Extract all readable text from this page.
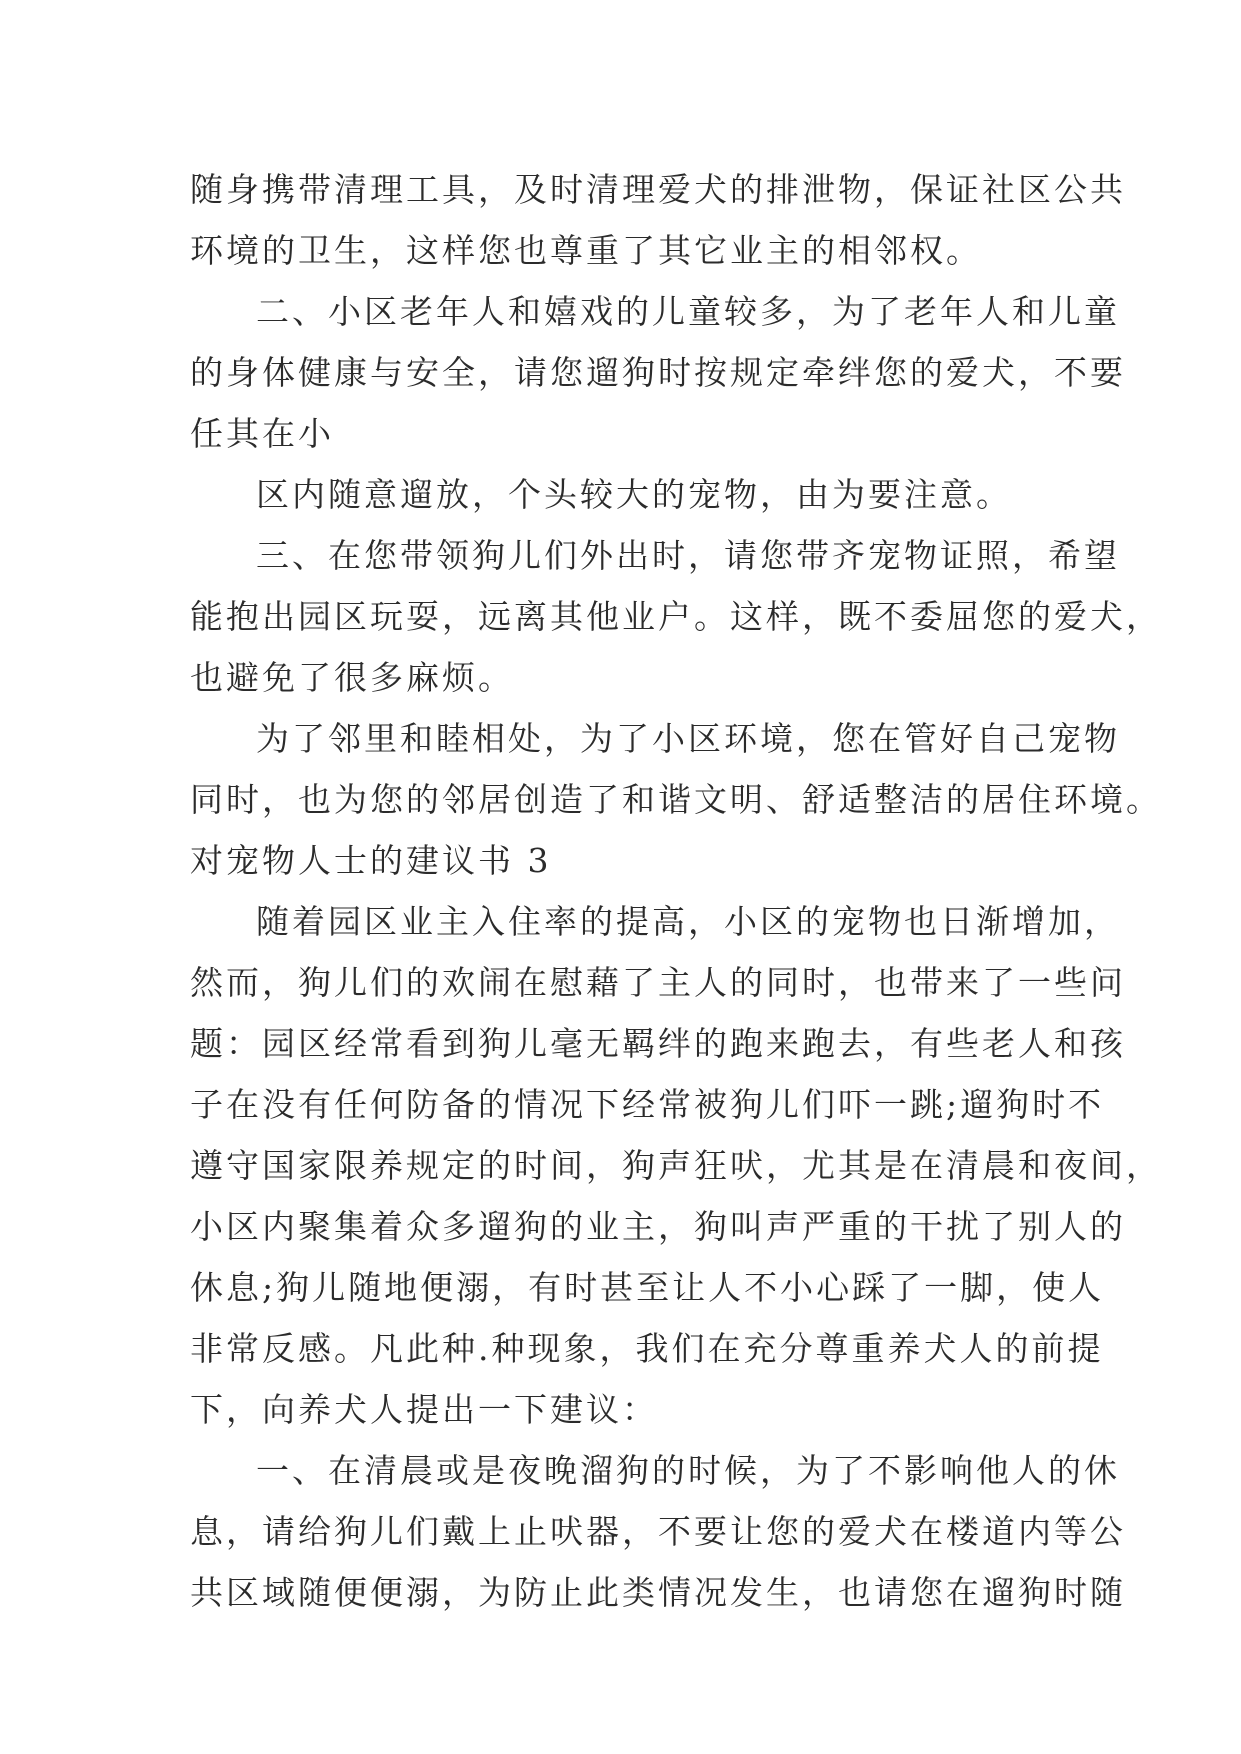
随身携带清理工具，及时清理爱犬的排泄物，保证社区公共
环境的卫生，这样您也尊重了其它业主的相邻权。
二、小区老年人和嬉戏的儿童较多，为了老年人和儿童
的身体健康与安全，请您遛狗时按规定牵绊您的爱犬，不要
任其在小
区内随意遛放，个头较大的宠物，由为要注意。
三、在您带领狗儿们外出时，请您带齐宠物证照，希望
能抱出园区玩耍，远离其他业户。这样，既不委屈您的爱犬，
也避免了很多麻烦。
为了邻里和睦相处，为了小区环境，您在管好自己宠物
同时，也为您的邻居创造了和谐文明、舒适整洁的居住环境。
对宠物人士的建议书 3
随着园区业主入住率的提高，小区的宠物也日渐增加，
然而，狗儿们的欢闹在慰藉了主人的同时，也带来了一些问
题：园区经常看到狗儿毫无羁绊的跑来跑去，有些老人和孩
子在没有任何防备的情况下经常被狗儿们吓一跳;遛狗时不
遵守国家限养规定的时间，狗声狂吠，尤其是在清晨和夜间，
小区内聚集着众多遛狗的业主，狗叫声严重的干扰了别人的
休息;狗儿随地便溺，有时甚至让人不小心踩了一脚，使人
非常反感。凡此种.种现象，我们在充分尊重养犬人的前提
下，向养犬人提出一下建议：
一、在清晨或是夜晚溜狗的时候，为了不影响他人的休
息，请给狗儿们戴上止吠器，不要让您的爱犬在楼道内等公
共区域随便便溺，为防止此类情况发生，也请您在遛狗时随
